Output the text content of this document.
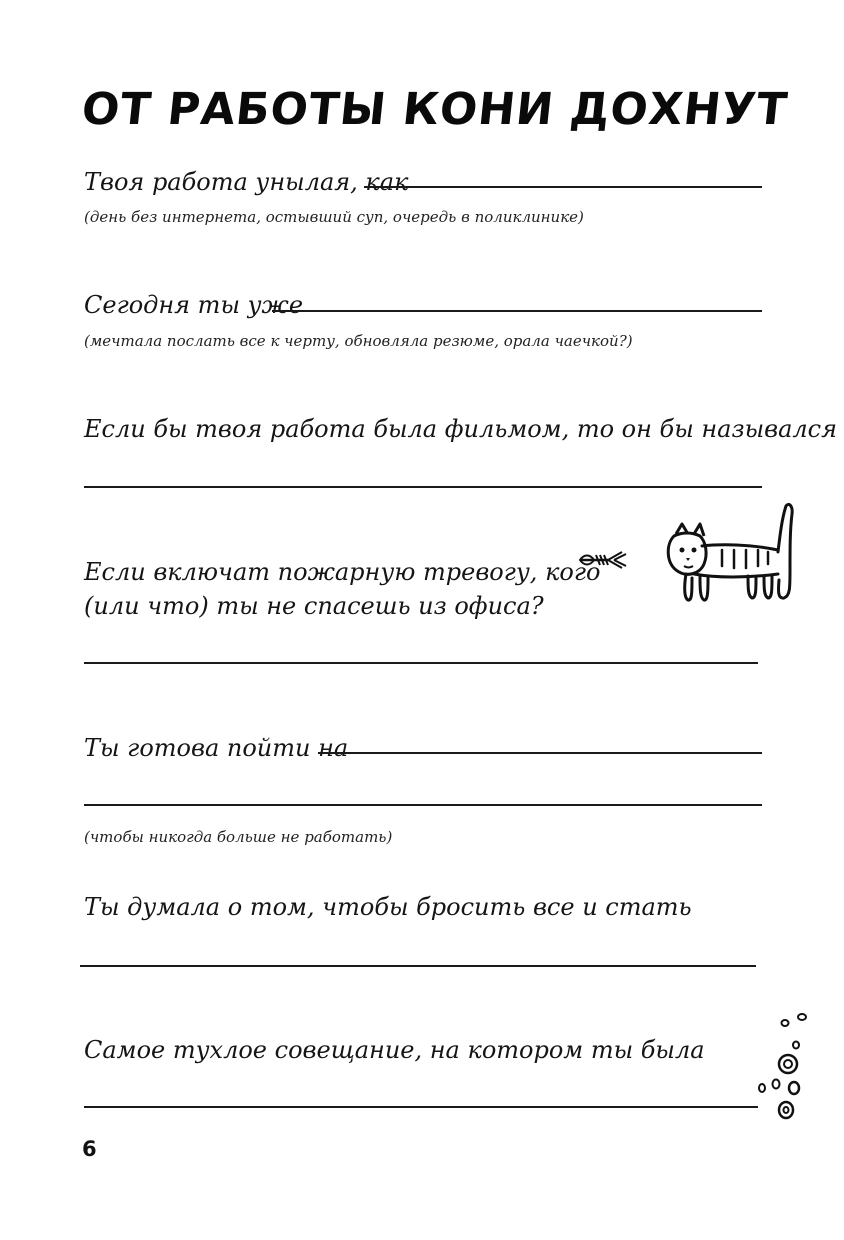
ОТ РАБОТЫ КОНИ ДОХНУТ
Твоя работа унылая, как
(день без интернета, остывший суп, очередь в поликлинике)
Сегодня ты уже
(мечтала послать все к черту, обновляла резюме, орала чаечкой?)
Если бы твоя работа была фильмом, то он бы назывался
Если включат пожарную тревогу, кого
(или что) ты не спасешь из офиса?
Ты готова пойти на
(чтобы никогда больше не работать)
Ты думала о том, чтобы бросить все и стать
Самое тухлое совещание, на котором ты была
6
